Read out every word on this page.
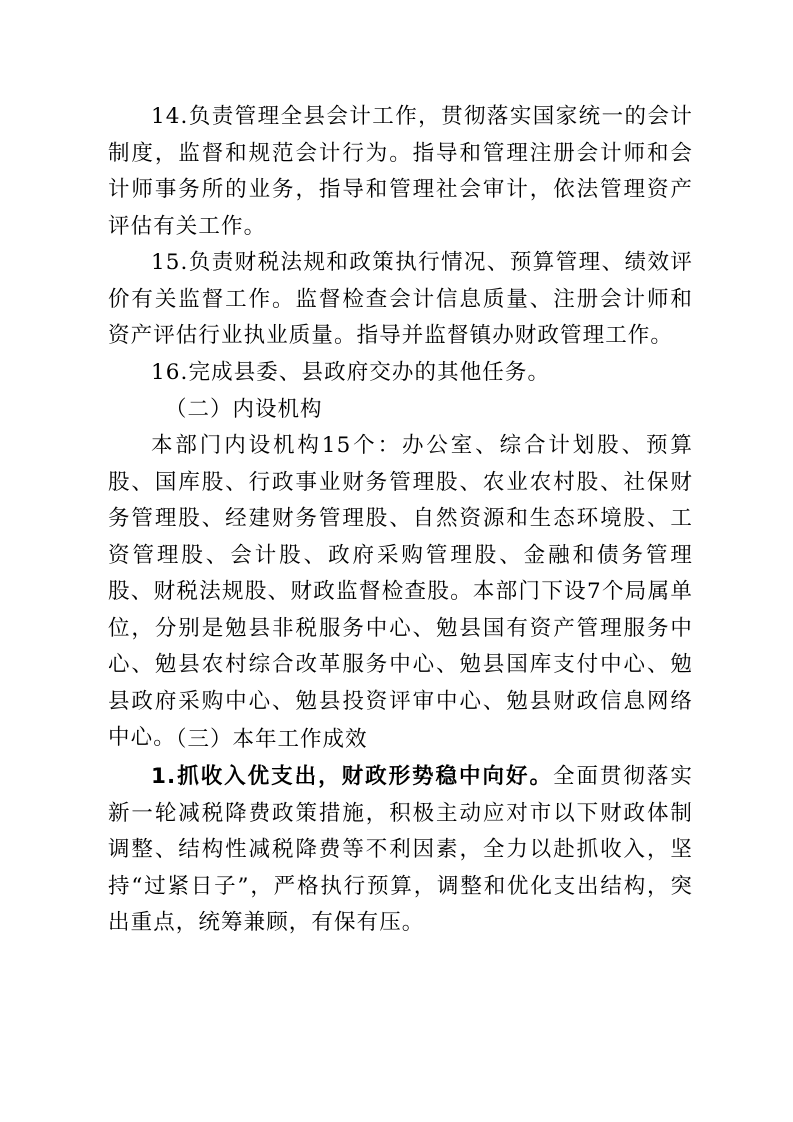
14.负责管理全县会计工作，贯彻落实国家统一的会计制度，监督和规范会计行为。指导和管理注册会计师和会计师事务所的业务，指导和管理社会审计，依法管理资产评估有关工作。

15.负责财税法规和政策执行情况、预算管理、绩效评价有关监督工作。监督检查会计信息质量、注册会计师和资产评估行业执业质量。指导并监督镇办财政管理工作。

16.完成县委、县政府交办的其他任务。

（二）内设机构

本部门内设机构15个：办公室、综合计划股、预算股、国库股、行政事业财务管理股、农业农村股、社保财务管理股、经建财务管理股、自然资源和生态环境股、工资管理股、会计股、政府采购管理股、金融和债务管理股、财税法规股、财政监督检查股。本部门下设7个局属单位，分别是勉县非税服务中心、勉县国有资产管理服务中心、勉县农村综合改革服务中心、勉县国库支付中心、勉县政府采购中心、勉县投资评审中心、勉县财政信息网络中心。

（三）本年工作成效

1.抓收入优支出，财政形势稳中向好。全面贯彻落实新一轮减税降费政策措施，积极主动应对市以下财政体制调整、结构性减税降费等不利因素，全力以赴抓收入，坚持“过紧日子”，严格执行预算，调整和优化支出结构，突出重点，统筹兼顾，有保有压。
